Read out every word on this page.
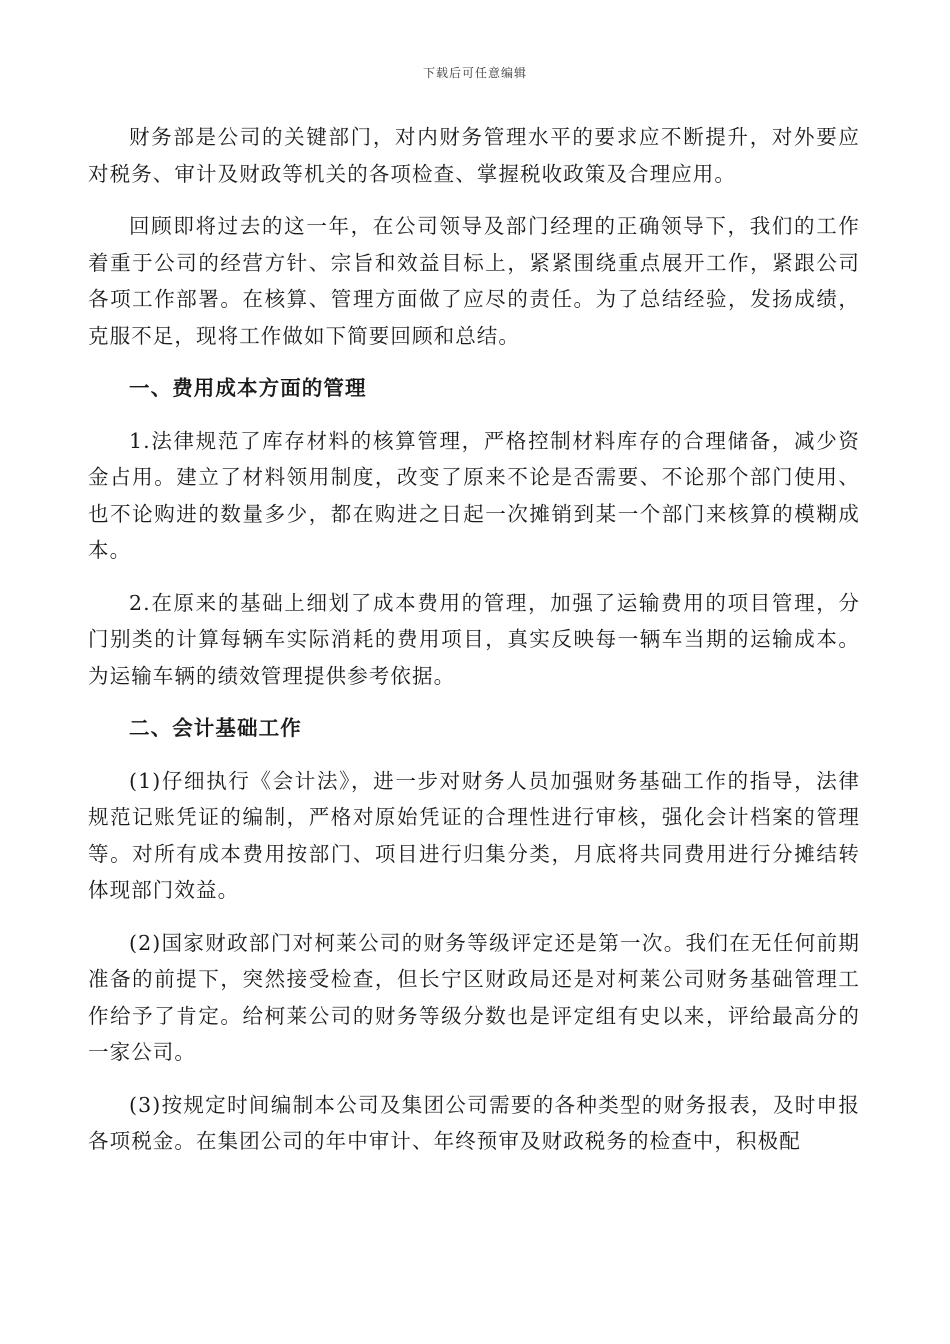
下载后可任意编辑

财务部是公司的关键部门，对内财务管理水平的要求应不断提升，对外要应对税务、审计及财政等机关的各项检查、掌握税收政策及合理应用。

回顾即将过去的这一年，在公司领导及部门经理的正确领导下，我们的工作着重于公司的经营方针、宗旨和效益目标上，紧紧围绕重点展开工作，紧跟公司各项工作部署。在核算、管理方面做了应尽的责任。为了总结经验，发扬成绩，克服不足，现将工作做如下简要回顾和总结。

一、费用成本方面的管理

1.法律规范了库存材料的核算管理，严格控制材料库存的合理储备，减少资金占用。建立了材料领用制度，改变了原来不论是否需要、不论那个部门使用、也不论购进的数量多少，都在购进之日起一次摊销到某一个部门来核算的模糊成本。

2.在原来的基础上细划了成本费用的管理，加强了运输费用的项目管理，分门别类的计算每辆车实际消耗的费用项目，真实反映每一辆车当期的运输成本。为运输车辆的绩效管理提供参考依据。

二、会计基础工作

(1)仔细执行《会计法》，进一步对财务人员加强财务基础工作的指导，法律规范记账凭证的编制，严格对原始凭证的合理性进行审核，强化会计档案的管理等。对所有成本费用按部门、项目进行归集分类，月底将共同费用进行分摊结转体现部门效益。

(2)国家财政部门对柯莱公司的财务等级评定还是第一次。我们在无任何前期准备的前提下，突然接受检查，但长宁区财政局还是对柯莱公司财务基础管理工作给予了肯定。给柯莱公司的财务等级分数也是评定组有史以来，评给最高分的一家公司。

(3)按规定时间编制本公司及集团公司需要的各种类型的财务报表，及时申报各项税金。在集团公司的年中审计、年终预审及财政税务的检查中，积极配
